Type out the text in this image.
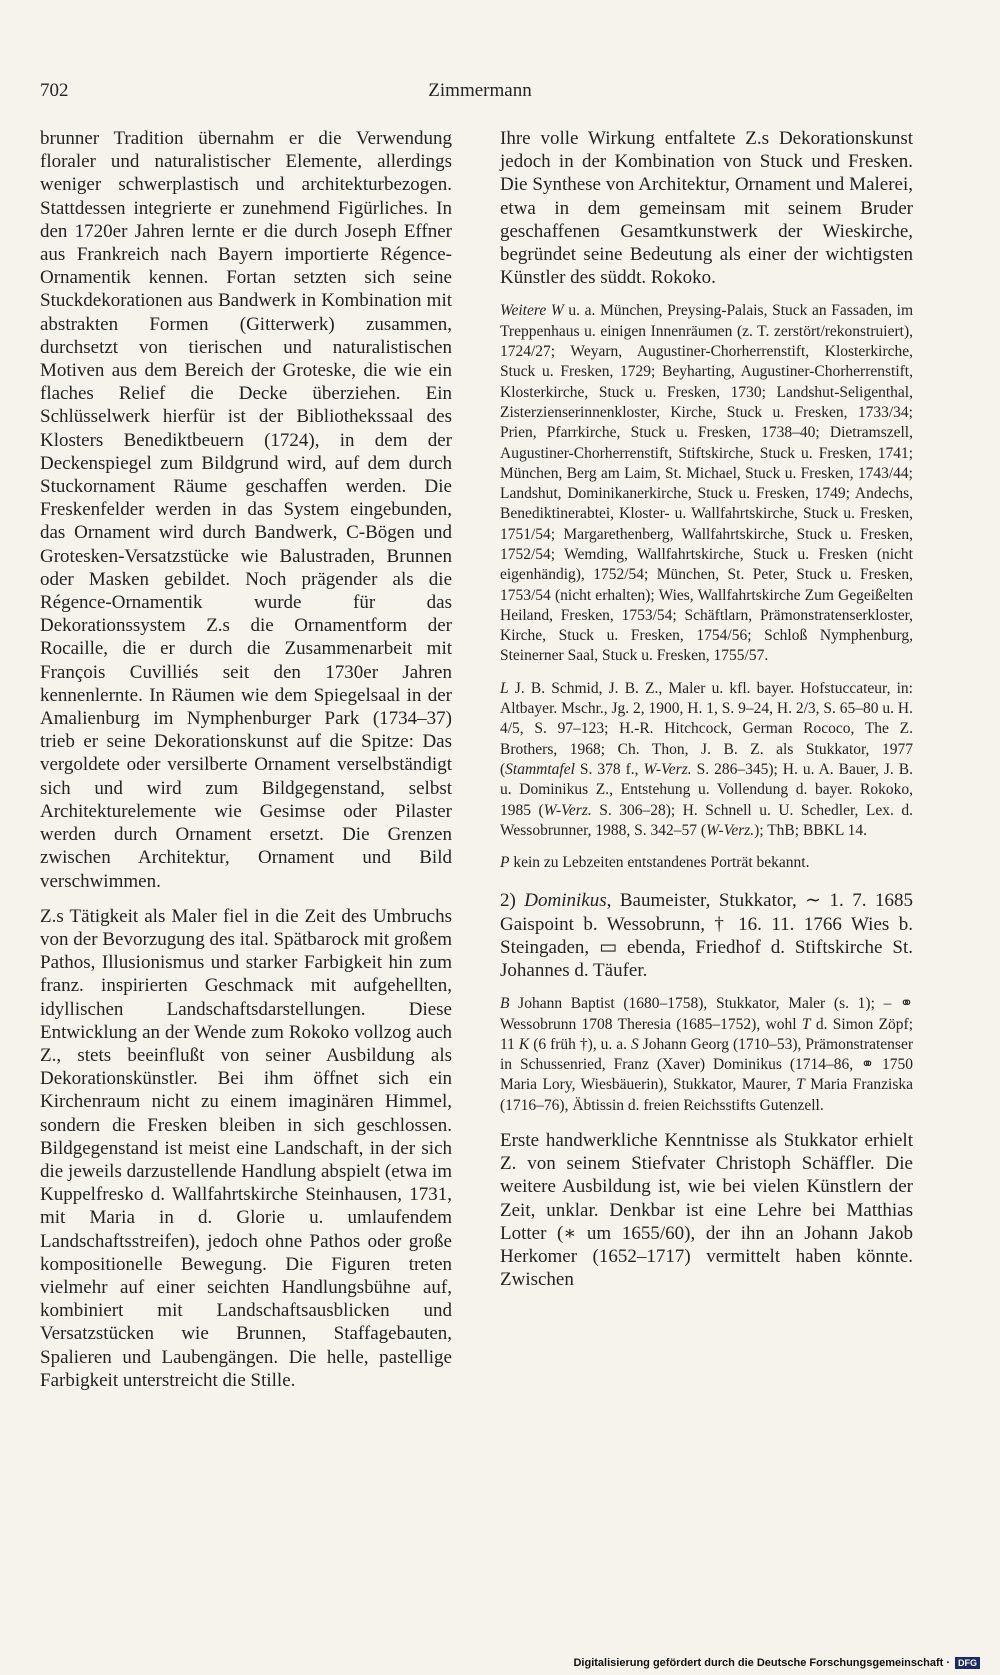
702	Zimmermann

brunner Tradition übernahm er die Verwendung floraler und naturalistischer Elemente, allerdings weniger schwerplastisch und architekturbezogen. Stattdessen integrierte er zunehmend Figürliches. In den 1720er Jahren lernte er die durch Joseph Effner aus Frankreich nach Bayern importierte Régence-Ornamentik kennen. Fortan setzten sich seine Stuckdekorationen aus Bandwerk in Kombination mit abstrakten Formen (Gitterwerk) zusammen, durchsetzt von tierischen und naturalistischen Motiven aus dem Bereich der Groteske, die wie ein flaches Relief die Decke überziehen. Ein Schlüsselwerk hierfür ist der Bibliothekssaal des Klosters Benediktbeuern (1724), in dem der Deckenspiegel zum Bildgrund wird, auf dem durch Stuckornament Räume geschaffen werden. Die Freskenfelder werden in das System eingebunden, das Ornament wird durch Bandwerk, C-Bögen und Grotesken-Versatzstücke wie Balustraden, Brunnen oder Masken gebildet. Noch prägender als die Régence-Ornamentik wurde für das Dekorationssystem Z.s die Ornamentform der Rocaille, die er durch die Zusammenarbeit mit François Cuvilliés seit den 1730er Jahren kennenlernte. In Räumen wie dem Spiegelsaal in der Amalienburg im Nymphenburger Park (1734–37) trieb er seine Dekorationskunst auf die Spitze: Das vergoldete oder versilberte Ornament verselbständigt sich und wird zum Bildgegenstand, selbst Architekturelemente wie Gesimse oder Pilaster werden durch Ornament ersetzt. Die Grenzen zwischen Architektur, Ornament und Bild verschwimmen.

Z.s Tätigkeit als Maler fiel in die Zeit des Umbruchs von der Bevorzugung des ital. Spätbarock mit großem Pathos, Illusionismus und starker Farbigkeit hin zum franz. inspirierten Geschmack mit aufgehellten, idyllischen Landschaftsdarstellungen. Diese Entwicklung an der Wende zum Rokoko vollzog auch Z., stets beeinflußt von seiner Ausbildung als Dekorationskünstler. Bei ihm öffnet sich ein Kirchenraum nicht zu einem imaginären Himmel, sondern die Fresken bleiben in sich geschlossen. Bildgegenstand ist meist eine Landschaft, in der sich die jeweils darzustellende Handlung abspielt (etwa im Kuppelfresko d. Wallfahrtskirche Steinhausen, 1731, mit Maria in d. Glorie u. umlaufendem Landschaftsstreifen), jedoch ohne Pathos oder große kompositionelle Bewegung. Die Figuren treten vielmehr auf einer seichten Handlungsbühne auf, kombiniert mit Landschaftsausblicken und Versatzstücken wie Brunnen, Staffagebauten, Spalieren und Laubengängen. Die helle, pastellige Farbigkeit unterstreicht die Stille.

Ihre volle Wirkung entfaltete Z.s Dekorationskunst jedoch in der Kombination von Stuck und Fresken. Die Synthese von Architektur, Ornament und Malerei, etwa in dem gemeinsam mit seinem Bruder geschaffenen Gesamtkunstwerk der Wieskirche, begründet seine Bedeutung als einer der wichtigsten Künstler des süddt. Rokoko.

Weitere W u. a. München, Preysing-Palais, Stuck an Fassaden, im Treppenhaus u. einigen Innenräumen (z. T. zerstört/rekonstruiert), 1724/27; Weyarn, Augustiner-Chorherrenstift, Klosterkirche, Stuck u. Fresken, 1729; Beyharting, Augustiner-Chorherrenstift, Klosterkirche, Stuck u. Fresken, 1730; Landshut-Seligenthal, Zisterzienserinnenkloster, Kirche, Stuck u. Fresken, 1733/34; Prien, Pfarrkirche, Stuck u. Fresken, 1738–40; Dietramszell, Augustiner-Chorherrenstift, Stiftskirche, Stuck u. Fresken, 1741; München, Berg am Laim, St. Michael, Stuck u. Fresken, 1743/44; Landshut, Dominikanerkirche, Stuck u. Fresken, 1749; Andechs, Benediktinerabtei, Kloster- u. Wallfahrtskirche, Stuck u. Fresken, 1751/54; Margarethenberg, Wallfahrtskirche, Stuck u. Fresken, 1752/54; Wemding, Wallfahrtskirche, Stuck u. Fresken (nicht eigenhändig), 1752/54; München, St. Peter, Stuck u. Fresken, 1753/54 (nicht erhalten); Wies, Wallfahrtskirche Zum Gegeißelten Heiland, Fresken, 1753/54; Schäftlarn, Prämonstratenserkloster, Kirche, Stuck u. Fresken, 1754/56; Schloß Nymphenburg, Steinerner Saal, Stuck u. Fresken, 1755/57.

L J. B. Schmid, J. B. Z., Maler u. kfl. bayer. Hofstuccateur, in: Altbayer. Mschr., Jg. 2, 1900, H. 1, S. 9–24, H. 2/3, S. 65–80 u. H. 4/5, S. 97–123; H.-R. Hitchcock, German Rococo, The Z. Brothers, 1968; Ch. Thon, J. B. Z. als Stukkator, 1977 (Stammtafel S. 378 f., W-Verz. S. 286–345); H. u. A. Bauer, J. B. u. Dominikus Z., Entstehung u. Vollendung d. bayer. Rokoko, 1985 (W-Verz. S. 306–28); H. Schnell u. U. Schedler, Lex. d. Wessobrunner, 1988, S. 342–57 (W-Verz.); ThB; BBKL 14.

P kein zu Lebzeiten entstandenes Porträt bekannt.

2) Dominikus, Baumeister, Stukkator, ∼ 1. 7. 1685 Gaispoint b. Wessobrunn, † 16. 11. 1766 Wies b. Steingaden, ▭ ebenda, Friedhof d. Stiftskirche St. Johannes d. Täufer.

B Johann Baptist (1680–1758), Stukkator, Maler (s. 1); – ⚭ Wessobrunn 1708 Theresia (1685–1752), wohl T d. Simon Zöpf; 11 K (6 früh †), u. a. S Johann Georg (1710–53), Prämonstratenser in Schussenried, Franz (Xaver) Dominikus (1714–86, ⚭ 1750 Maria Lory, Wiesbäuerin), Stukkator, Maurer, T Maria Franziska (1716–76), Äbtissin d. freien Reichsstifts Gutenzell.

Erste handwerkliche Kenntnisse als Stukkator erhielt Z. von seinem Stiefvater Christoph Schäffler. Die weitere Ausbildung ist, wie bei vielen Künstlern der Zeit, unklar. Denkbar ist eine Lehre bei Matthias Lotter (∗ um 1655/60), der ihn an Johann Jakob Herkomer (1652–1717) vermittelt haben könnte. Zwischen

Digitalisierung gefördert durch die Deutsche Forschungsgemeinschaft · DFG
